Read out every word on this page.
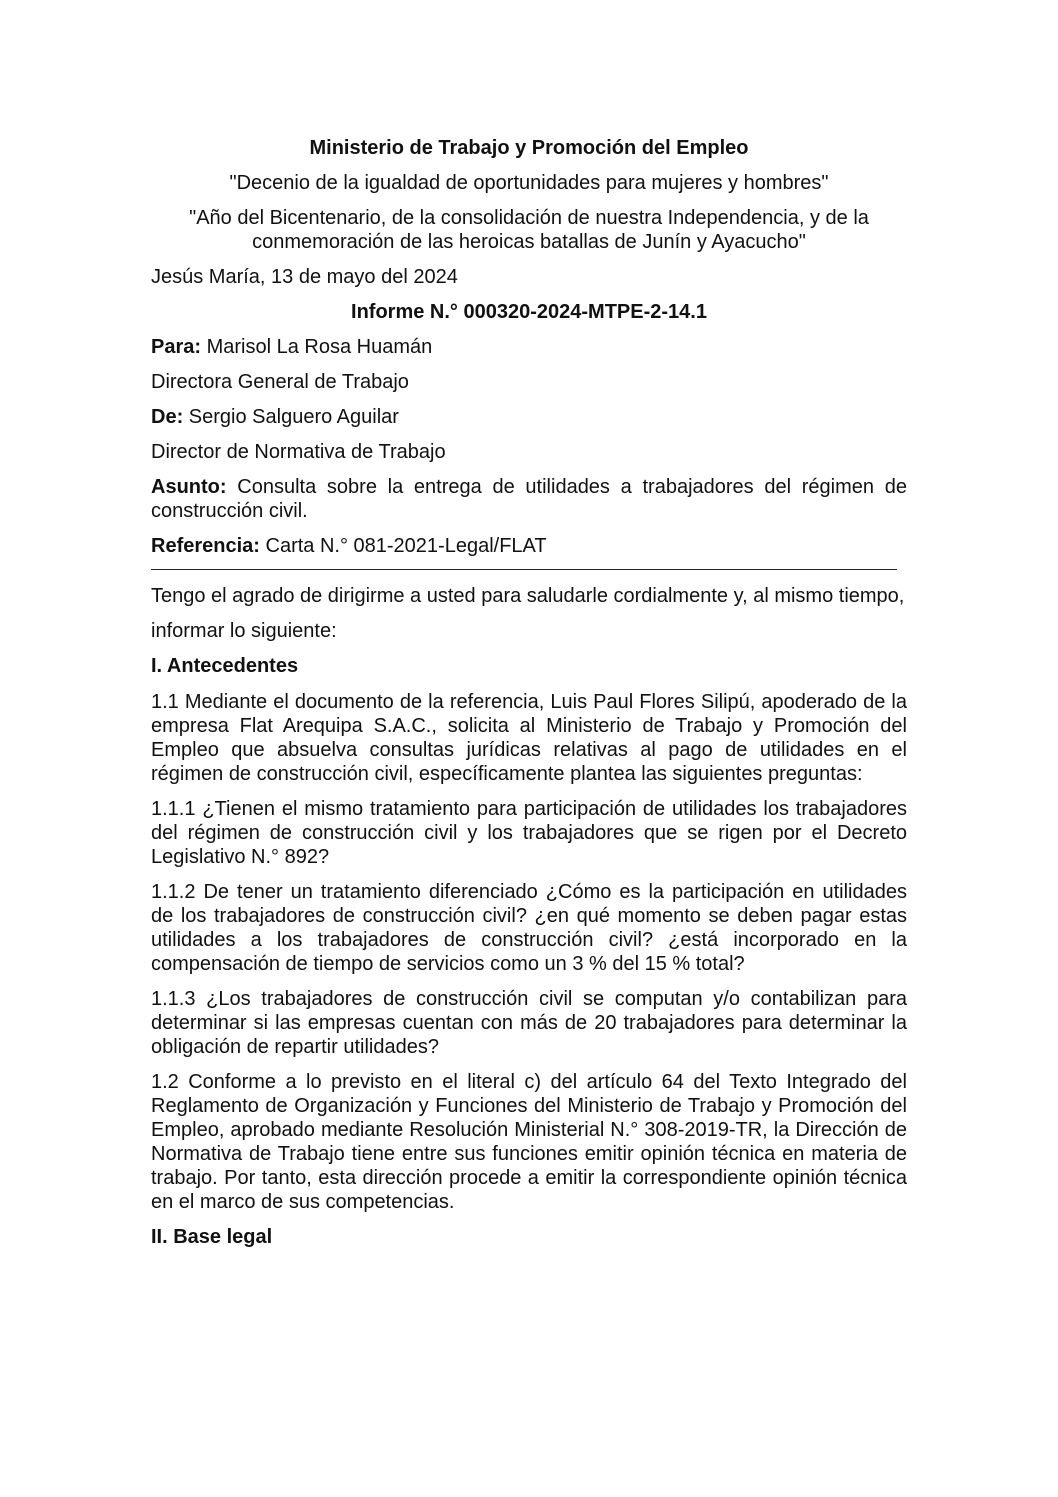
Ministerio de Trabajo y Promoción del Empleo
"Decenio de la igualdad de oportunidades para mujeres y hombres"
"Año del Bicentenario, de la consolidación de nuestra Independencia, y de la conmemoración de las heroicas batallas de Junín y Ayacucho"
Jesús María, 13 de mayo del 2024
Informe N.° 000320-2024-MTPE-2-14.1
Para: Marisol La Rosa Huamán
Directora General de Trabajo
De: Sergio Salguero Aguilar
Director de Normativa de Trabajo
Asunto: Consulta sobre la entrega de utilidades a trabajadores del régimen de construcción civil.
Referencia: Carta N.° 081-2021-Legal/FLAT
Tengo el agrado de dirigirme a usted para saludarle cordialmente y, al mismo tiempo,
informar lo siguiente:
I. Antecedentes
1.1 Mediante el documento de la referencia, Luis Paul Flores Silipú, apoderado de la empresa Flat Arequipa S.A.C., solicita al Ministerio de Trabajo y Promoción del Empleo que absuelva consultas jurídicas relativas al pago de utilidades en el régimen de construcción civil, específicamente plantea las siguientes preguntas:
1.1.1 ¿Tienen el mismo tratamiento para participación de utilidades los trabajadores del régimen de construcción civil y los trabajadores que se rigen por el Decreto Legislativo N.° 892?
1.1.2 De tener un tratamiento diferenciado ¿Cómo es la participación en utilidades de los trabajadores de construcción civil? ¿en qué momento se deben pagar estas utilidades a los trabajadores de construcción civil? ¿está incorporado en la compensación de tiempo de servicios como un 3 % del 15 % total?
1.1.3 ¿Los trabajadores de construcción civil se computan y/o contabilizan para determinar si las empresas cuentan con más de 20 trabajadores para determinar la obligación de repartir utilidades?
1.2 Conforme a lo previsto en el literal c) del artículo 64 del Texto Integrado del Reglamento de Organización y Funciones del Ministerio de Trabajo y Promoción del Empleo, aprobado mediante Resolución Ministerial N.° 308-2019-TR, la Dirección de Normativa de Trabajo tiene entre sus funciones emitir opinión técnica en materia de trabajo. Por tanto, esta dirección procede a emitir la correspondiente opinión técnica en el marco de sus competencias.
II. Base legal
